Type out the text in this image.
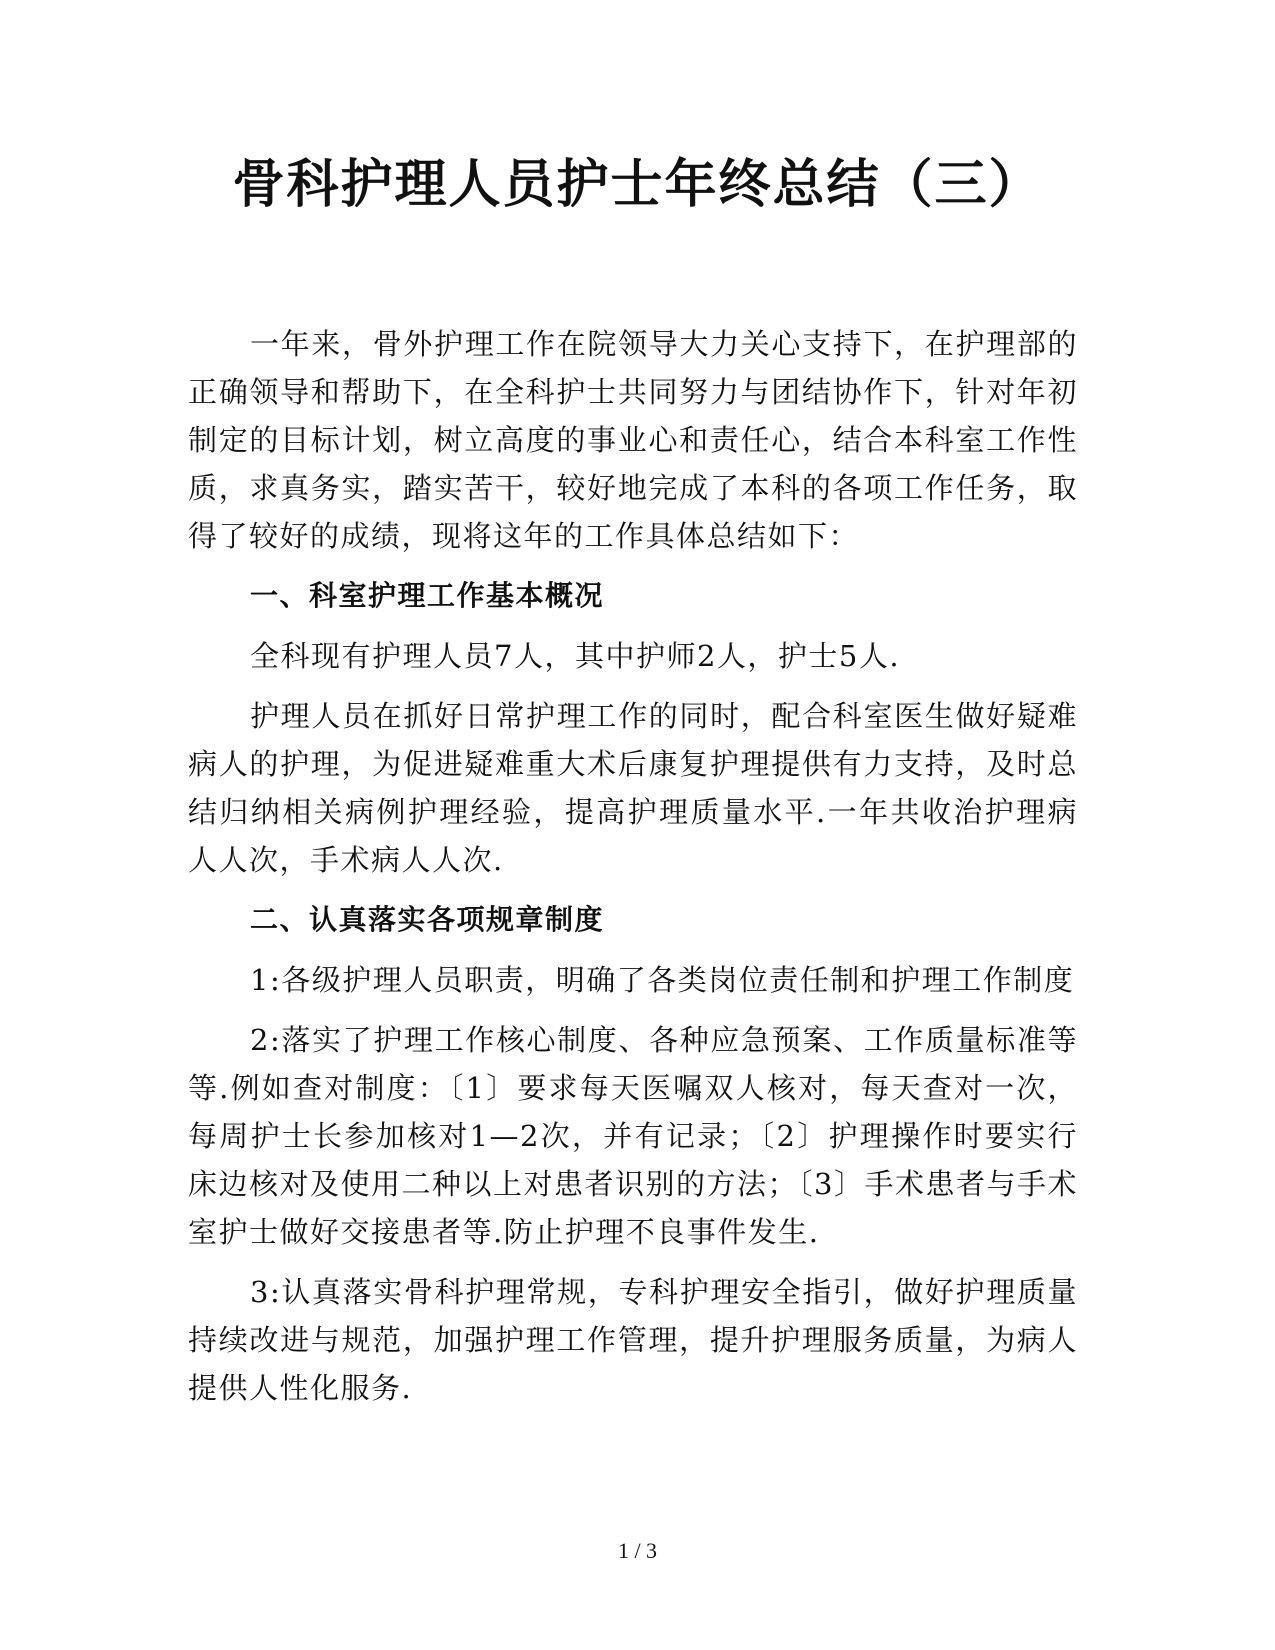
骨科护理人员护士年终总结（三）

一年来，骨外护理工作在院领导大力关心支持下，在护理部的正确领导和帮助下，在全科护士共同努力与团结协作下，针对年初制定的目标计划，树立高度的事业心和责任心，结合本科室工作性质，求真务实，踏实苦干，较好地完成了本科的各项工作任务，取得了较好的成绩，现将这年的工作具体总结如下：

一、科室护理工作基本概况

全科现有护理人员7人，其中护师2人，护士5人.

护理人员在抓好日常护理工作的同时，配合科室医生做好疑难病人的护理，为促进疑难重大术后康复护理提供有力支持，及时总结归纳相关病例护理经验，提高护理质量水平.一年共收治护理病人人次，手术病人人次.

二、认真落实各项规章制度

1:各级护理人员职责，明确了各类岗位责任制和护理工作制度

2:落实了护理工作核心制度、各种应急预案、工作质量标准等等.例如查对制度：〔1〕要求每天医嘱双人核对，每天查对一次，每周护士长参加核对1—2次，并有记录；〔2〕护理操作时要实行床边核对及使用二种以上对患者识别的方法；〔3〕手术患者与手术室护士做好交接患者等.防止护理不良事件发生.

3:认真落实骨科护理常规，专科护理安全指引，做好护理质量持续改进与规范，加强护理工作管理，提升护理服务质量，为病人提供人性化服务.

1 / 3
